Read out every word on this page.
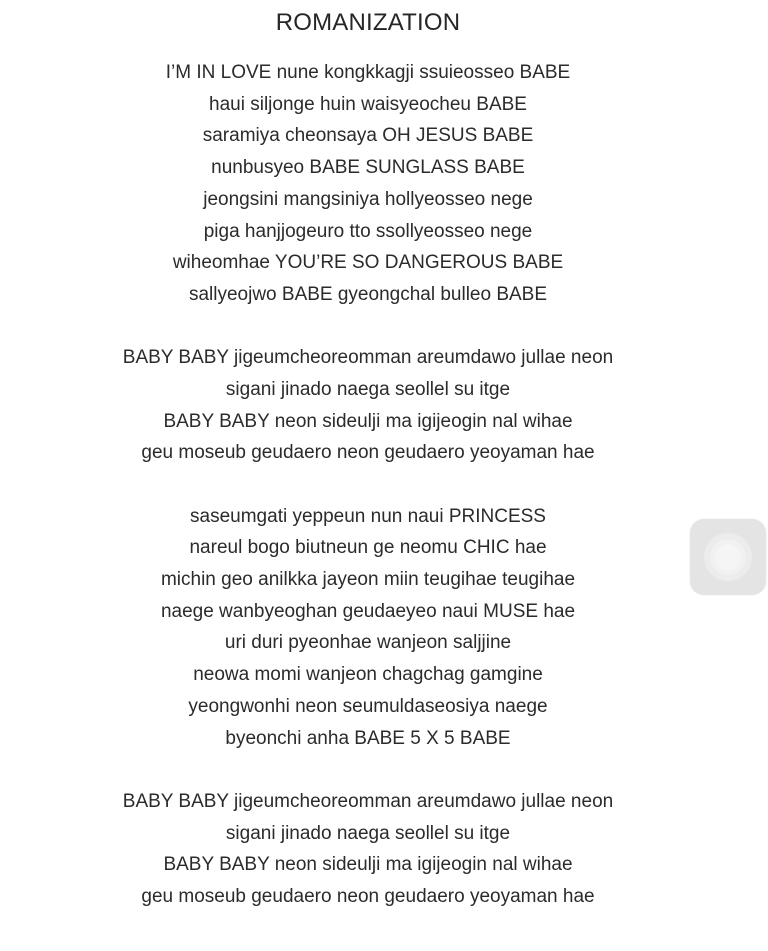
ROMANIZATION
I’M IN LOVE nune kongkkagji ssuieosseo BABE
haui siljonge huin waisyeocheu BABE
saramiya cheonsaya OH JESUS BABE
nunbusyeo BABE SUNGLASS BABE
jeongsini mangsiniya hollyeosseo nege
piga hanjjogeuro tto ssollyeosseo nege
wiheomhae YOU’RE SO DANGEROUS BABE
sallyeojwo BABE gyeongchal bulleo BABE
BABY BABY jigeumcheoreomman areumdawo jullae neon
sigani jinado naega seollel su itge
BABY BABY neon sideulji ma igijeogin nal wihae
geu moseub geudaero neon geudaero yeoyaman hae
saseumgati yeppeun nun naui PRINCESS
nareul bogo biutneun ge neomu CHIC hae
michin geo anilkka jayeon miin teugihae teugihae
naege wanbyeoghan geudaeyeo naui MUSE hae
uri duri pyeonhae wanjeon saljjine
neowa momi wanjeon chagchag gamgine
yeongwonhi neon seumuldaseosiya naege
byeonchi anha BABE 5 X 5 BABE
BABY BABY jigeumcheoreomman areumdawo jullae neon
sigani jinado naega seollel su itge
BABY BABY neon sideulji ma igijeogin nal wihae
geu moseub geudaero neon geudaero yeoyaman hae
